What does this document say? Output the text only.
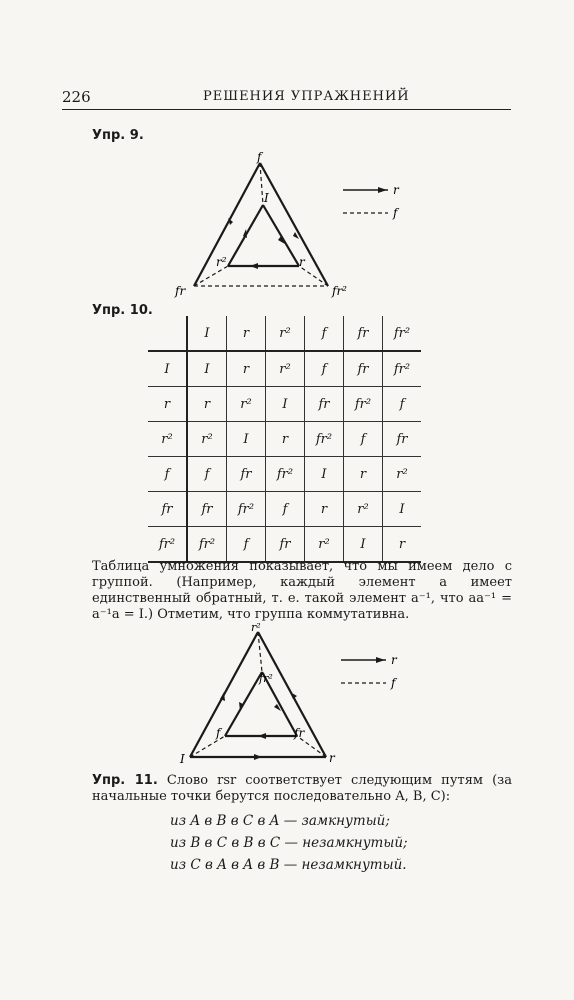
226	РЕШЕНИЯ УПРАЖНЕНИЙ
Упр. 9.
f
fr	fr²
I
r²	r
r
f
r²
I	r
fr²
f	fr
r
f
Упр. 10.
	I	r	r²	f	fr	fr²
I	I	r	r²	f	fr	fr²
r	r	r²	I	fr	fr²	f
r²	r²	I	r	fr²	f	fr
f	f	fr	fr²	I	r	r²
fr	fr	fr²	f	r	r²	I
fr²	fr²	f	fr	r²	I	r
Таблица умножения показывает, что мы имеем дело с группой. (Например, каждый элемент a имеет единственный обратный, т. е. такой элемент a⁻¹, что aa⁻¹ = a⁻¹a = I.) Отметим, что группа коммутативна.
Упр. 11. Слово rsr соответствует следующим путям (за начальные точки берутся последовательно A, B, C):
из A в B в C в A — замкнутый;
из B в C в B в C — незамкнутый;
из C в A в A в B — незамкнутый.
